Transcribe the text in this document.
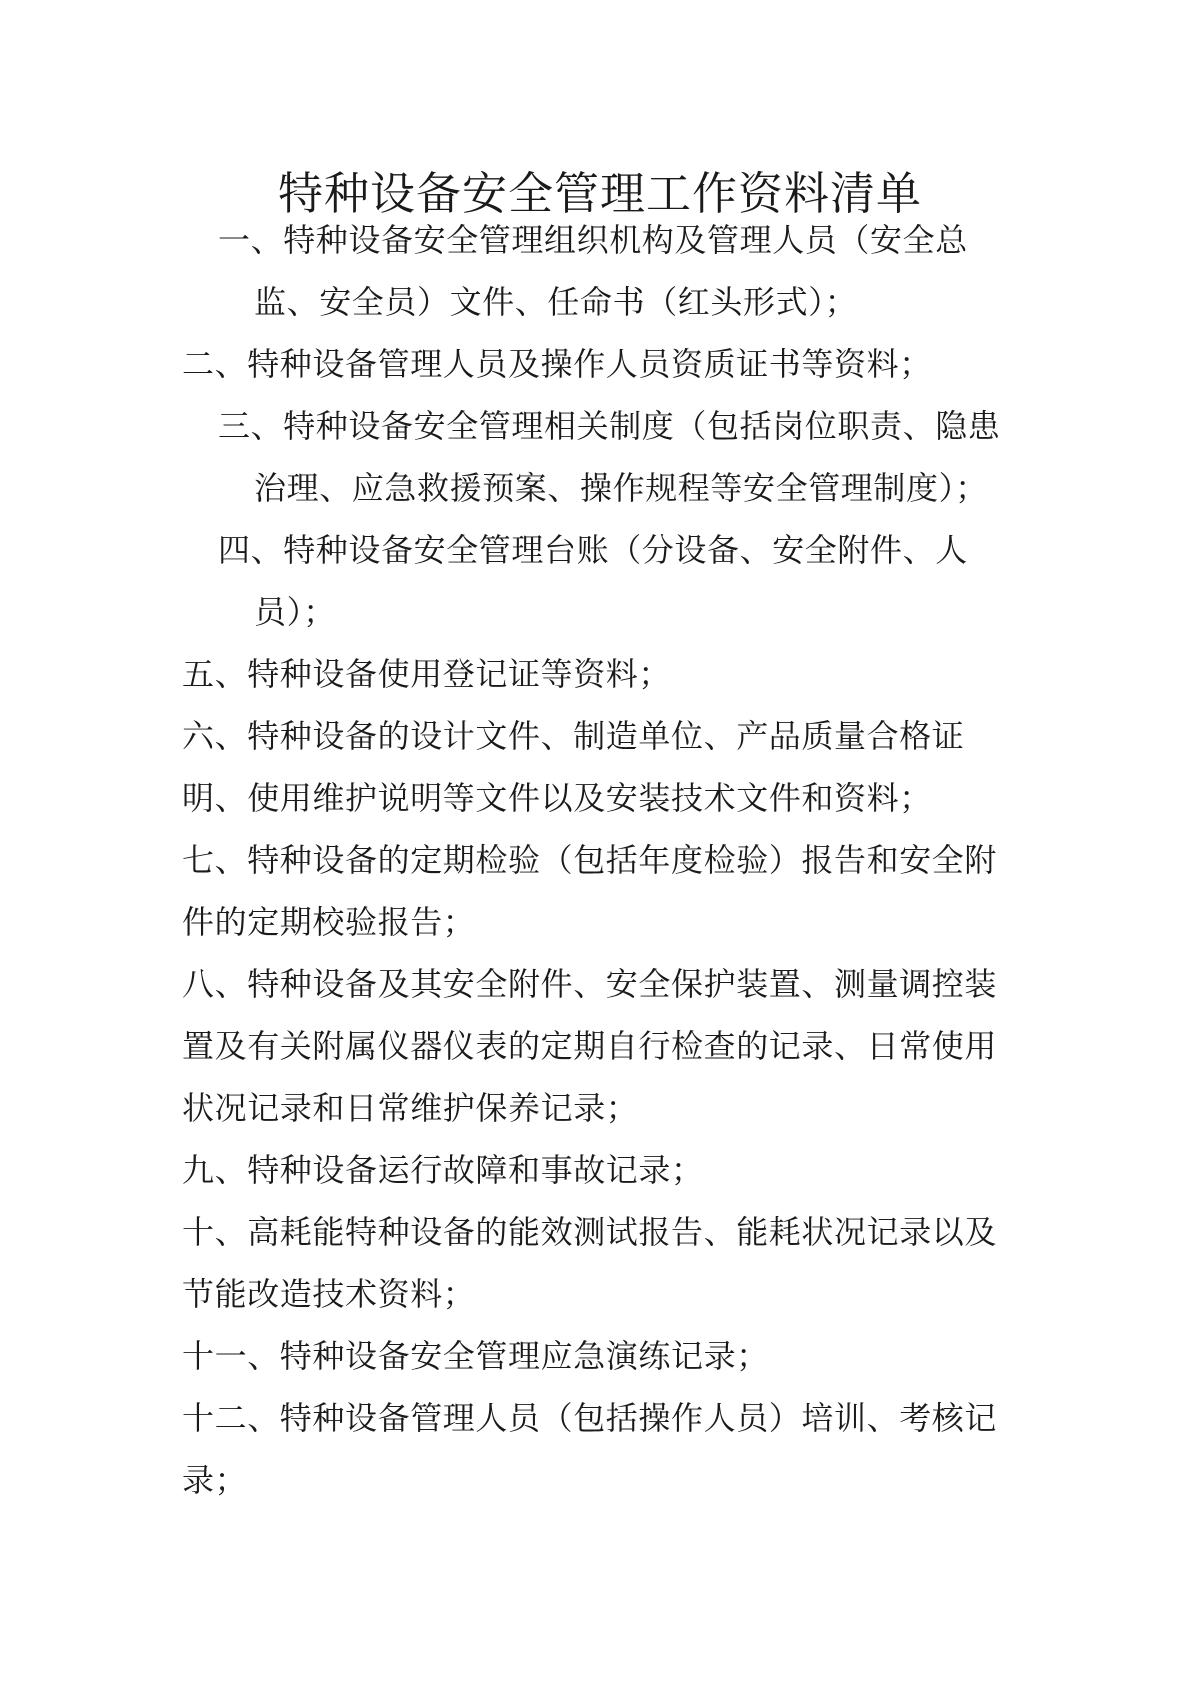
特种设备安全管理工作资料清单

一、特种设备安全管理组织机构及管理人员（安全总

监、安全员）文件、任命书（红头形式）；

二、特种设备管理人员及操作人员资质证书等资料；

三、特种设备安全管理相关制度（包括岗位职责、隐患

治理、应急救援预案、操作规程等安全管理制度）；

四、特种设备安全管理台账（分设备、安全附件、人

员）；

五、特种设备使用登记证等资料；

六、特种设备的设计文件、制造单位、产品质量合格证

明、使用维护说明等文件以及安装技术文件和资料；

七、特种设备的定期检验（包括年度检验）报告和安全附

件的定期校验报告；

八、特种设备及其安全附件、安全保护装置、测量调控装

置及有关附属仪器仪表的定期自行检查的记录、日常使用

状况记录和日常维护保养记录；

九、特种设备运行故障和事故记录；

十、高耗能特种设备的能效测试报告、能耗状况记录以及

节能改造技术资料；

十一、特种设备安全管理应急演练记录；

十二、特种设备管理人员（包括操作人员）培训、考核记

录；
